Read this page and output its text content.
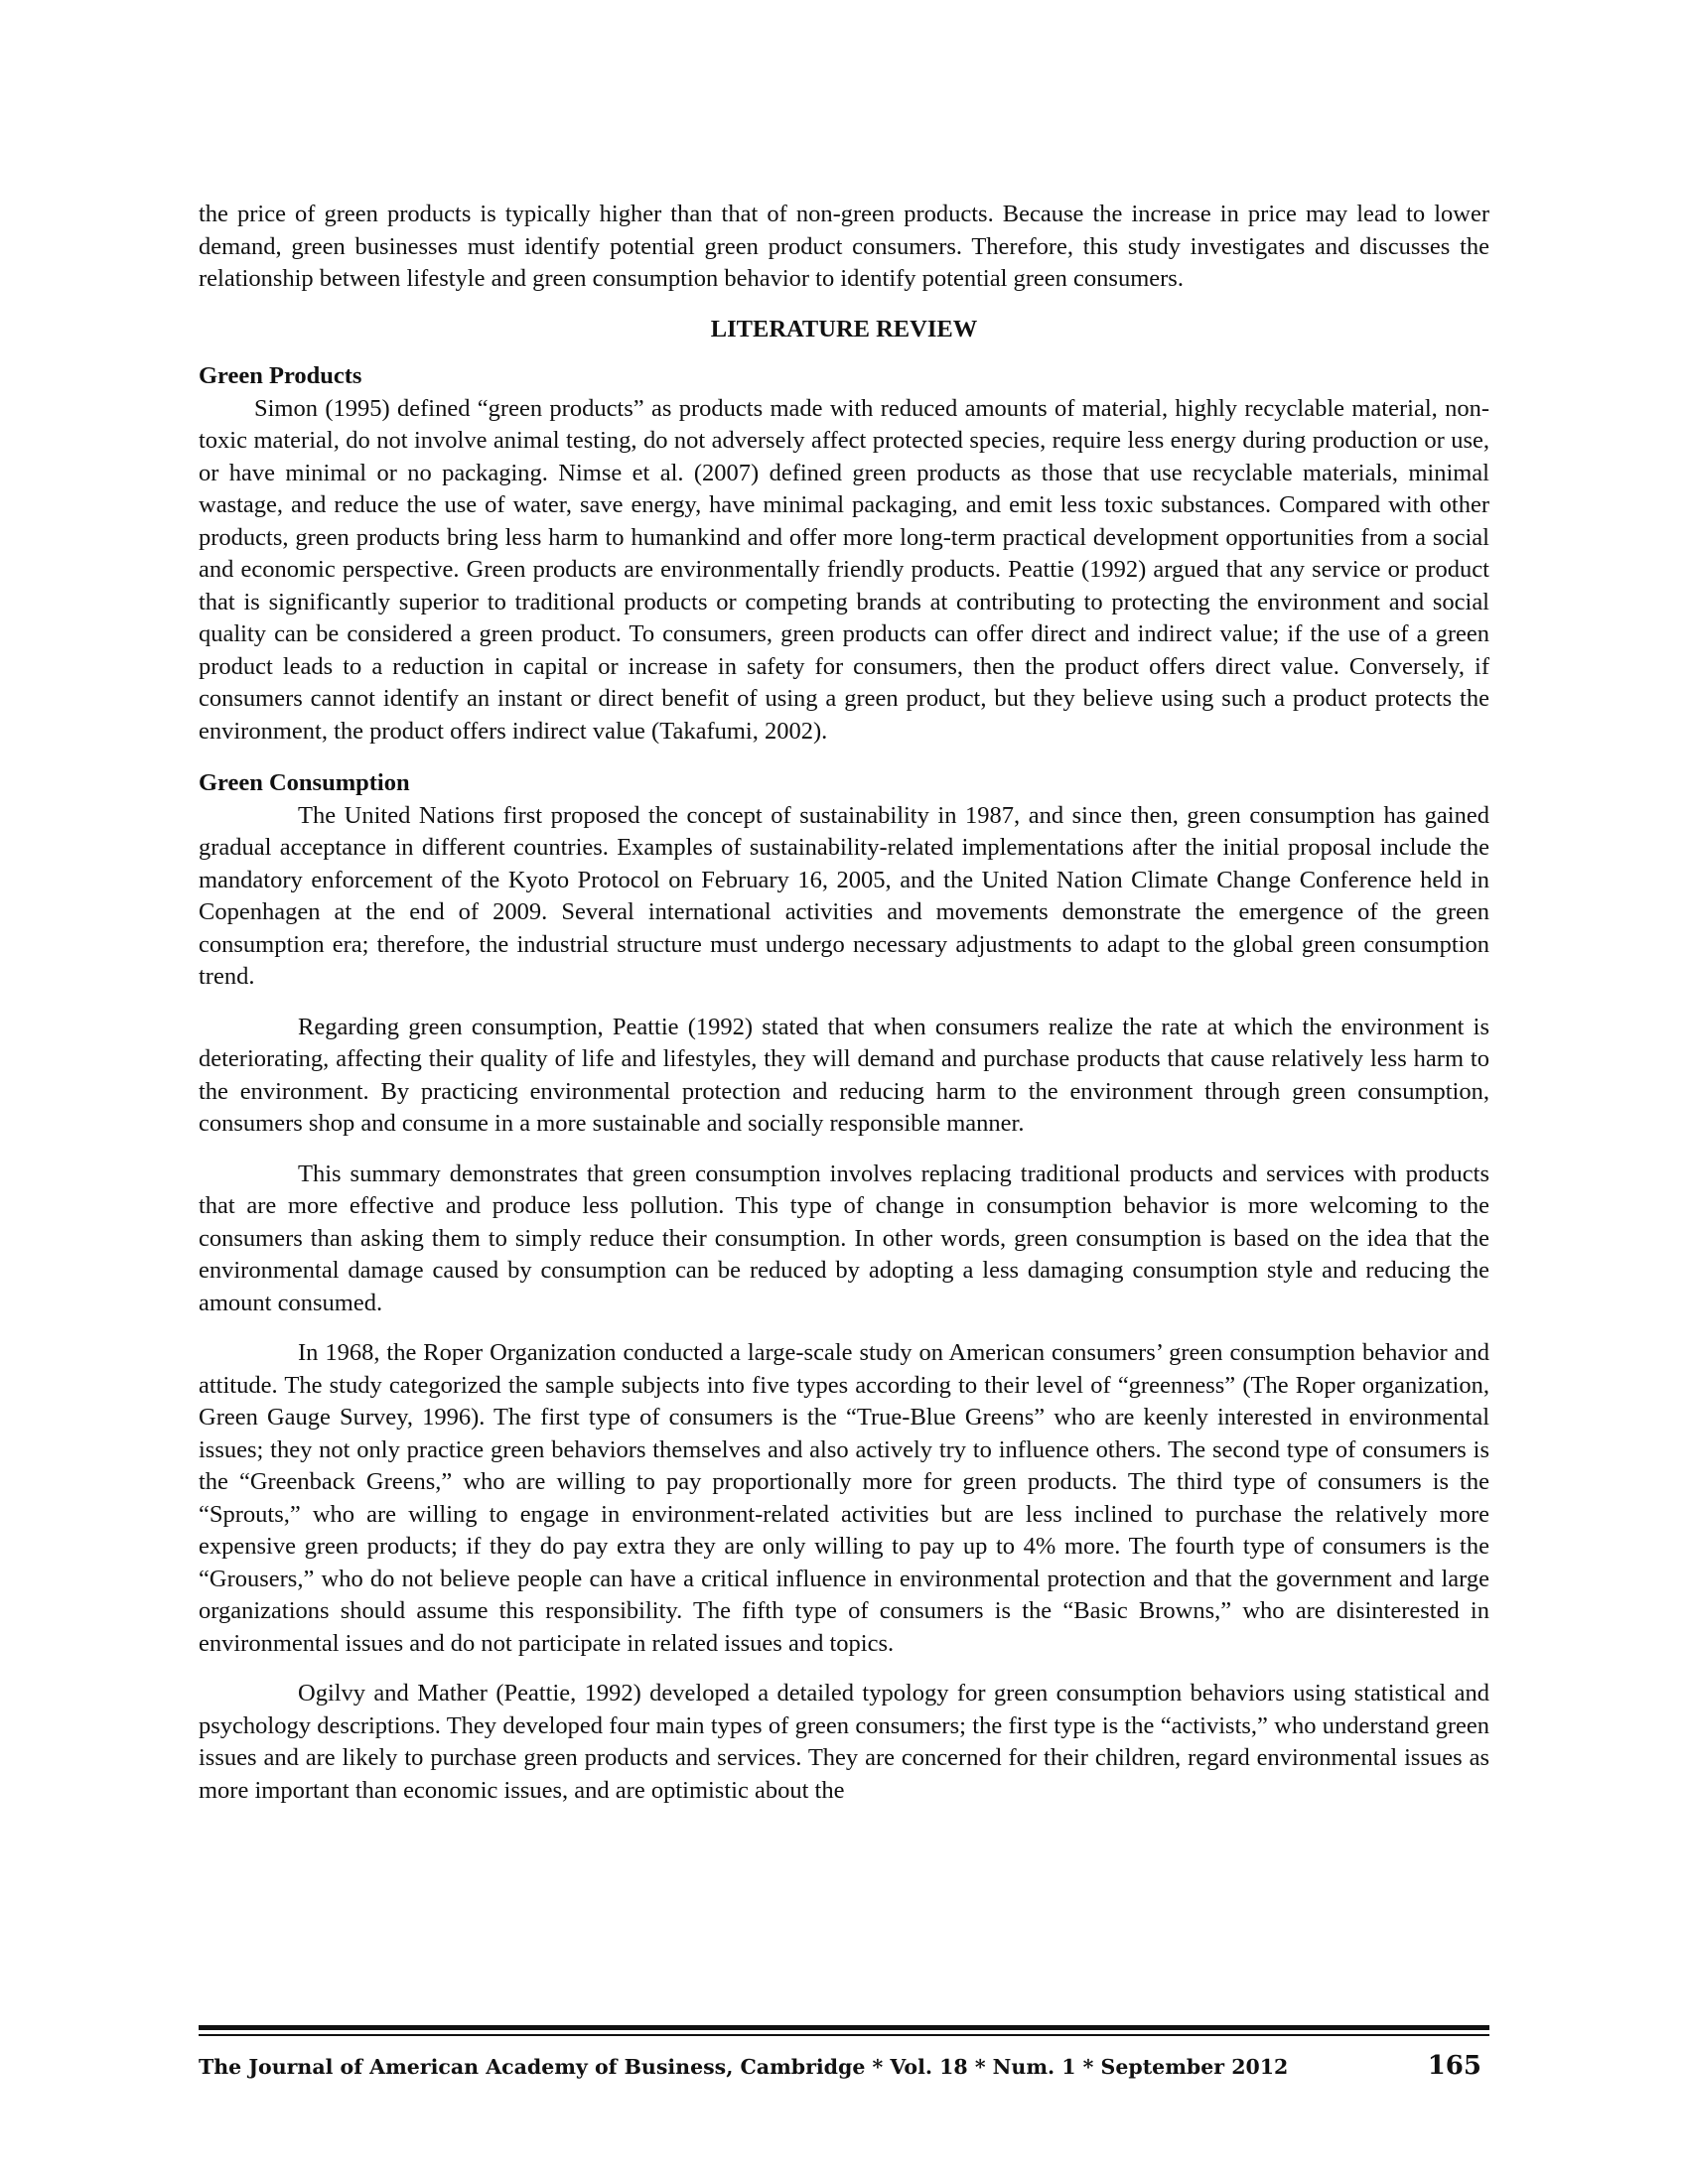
the price of green products is typically higher than that of non-green products. Because the increase in price may lead to lower demand, green businesses must identify potential green product consumers. Therefore, this study investigates and discusses the relationship between lifestyle and green consumption behavior to identify potential green consumers.

LITERATURE REVIEW
Green Products

Simon (1995) defined “green products” as products made with reduced amounts of material, highly recyclable material, non-toxic material, do not involve animal testing, do not adversely affect protected species, require less energy during production or use, or have minimal or no packaging. Nimse et al. (2007) defined green products as those that use recyclable materials, minimal wastage, and reduce the use of water, save energy, have minimal packaging, and emit less toxic substances. Compared with other products, green products bring less harm to humankind and offer more long-term practical development opportunities from a social and economic perspective. Green products are environmentally friendly products. Peattie (1992) argued that any service or product that is significantly superior to traditional products or competing brands at contributing to protecting the environment and social quality can be considered a green product. To consumers, green products can offer direct and indirect value; if the use of a green product leads to a reduction in capital or increase in safety for consumers, then the product offers direct value. Conversely, if consumers cannot identify an instant or direct benefit of using a green product, but they believe using such a product protects the environment, the product offers indirect value (Takafumi, 2002).

Green Consumption

The United Nations first proposed the concept of sustainability in 1987, and since then, green consumption has gained gradual acceptance in different countries. Examples of sustainability-related implementations after the initial proposal include the mandatory enforcement of the Kyoto Protocol on February 16, 2005, and the United Nation Climate Change Conference held in Copenhagen at the end of 2009. Several international activities and movements demonstrate the emergence of the green consumption era; therefore, the industrial structure must undergo necessary adjustments to adapt to the global green consumption trend.

Regarding green consumption, Peattie (1992) stated that when consumers realize the rate at which the environment is deteriorating, affecting their quality of life and lifestyles, they will demand and purchase products that cause relatively less harm to the environment. By practicing environmental protection and reducing harm to the environment through green consumption, consumers shop and consume in a more sustainable and socially responsible manner.

This summary demonstrates that green consumption involves replacing traditional products and services with products that are more effective and produce less pollution. This type of change in consumption behavior is more welcoming to the consumers than asking them to simply reduce their consumption. In other words, green consumption is based on the idea that the environmental damage caused by consumption can be reduced by adopting a less damaging consumption style and reducing the amount consumed.

In 1968, the Roper Organization conducted a large-scale study on American consumers’ green consumption behavior and attitude. The study categorized the sample subjects into five types according to their level of “greenness” (The Roper organization, Green Gauge Survey, 1996). The first type of consumers is the “True-Blue Greens” who are keenly interested in environmental issues; they not only practice green behaviors themselves and also actively try to influence others. The second type of consumers is the “Greenback Greens,” who are willing to pay proportionally more for green products. The third type of consumers is the “Sprouts,” who are willing to engage in environment-related activities but are less inclined to purchase the relatively more expensive green products; if they do pay extra they are only willing to pay up to 4% more. The fourth type of consumers is the “Grousers,” who do not believe people can have a critical influence in environmental protection and that the government and large organizations should assume this responsibility. The fifth type of consumers is the “Basic Browns,” who are disinterested in environmental issues and do not participate in related issues and topics.

Ogilvy and Mather (Peattie, 1992) developed a detailed typology for green consumption behaviors using statistical and psychology descriptions. They developed four main types of green consumers; the first type is the “activists,” who understand green issues and are likely to purchase green products and services. They are concerned for their children, regard environmental issues as more important than economic issues, and are optimistic about the

The Journal of American Academy of Business, Cambridge * Vol. 18 * Num. 1 * September 2012	165
